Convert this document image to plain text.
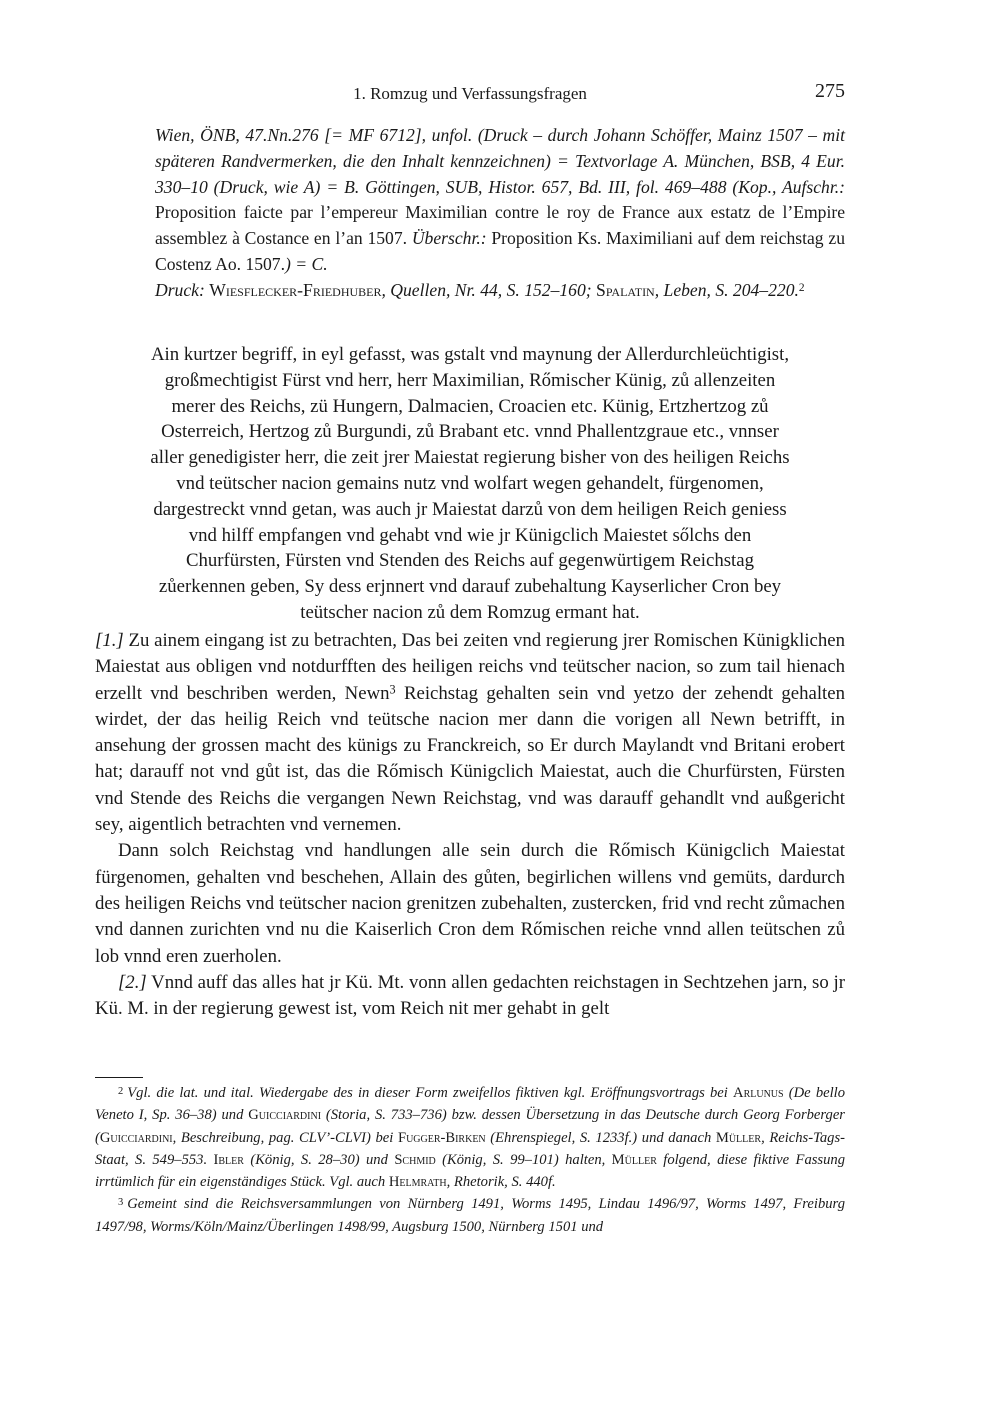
1. Romzug und Verfassungsfragen	275
Wien, ÖNB, 47.Nn.276 [= MF 6712], unfol. (Druck – durch Johann Schöffer, Mainz 1507 – mit späteren Randvermerken, die den Inhalt kennzeichnen) = Textvorlage A. München, BSB, 4 Eur. 330–10 (Druck, wie A) = B. Göttingen, SUB, Histor. 657, Bd. III, fol. 469–488 (Kop., Aufschr.: Proposition faicte par l’empereur Maximilian contre le roy de France aux estatz de l’Empire assemblez à Costance en l’an 1507. Überschr.: Proposition Ks. Maximiliani auf dem reichstag zu Costenz Ao. 1507.) = C.
Druck: Wiesflecker-Friedhuber, Quellen, Nr. 44, S. 152–160; Spalatin, Leben, S. 204–220.$^2$
Ain kurtzer begriff, in eyl gefasst, was gstalt vnd maynung der Allerdurchleüchtigist,
großmechtigist Fürst vnd herr, herr Maximilian, Rőmischer Künig, zů allenzeiten
merer des Reichs, zü Hungern, Dalmacien, Croacien etc. Künig, Ertzhertzog zů
Osterreich, Hertzog zů Burgundi, zů Brabant etc. vnnd Phallentzgraue etc., vnnser
aller genedigister herr, die zeit jrer Maiestat regierung bisher von des heiligen Reichs
vnd teütscher nacion gemains nutz vnd wolfart wegen gehandelt, fürgenomen,
dargestreckt vnnd getan, was auch jr Maiestat darzů von dem heiligen Reich geniess
vnd hilff empfangen vnd gehabt vnd wie jr Künigclich Maiestet sőlchs den
Churfürsten, Fürsten vnd Stenden des Reichs auf gegenwürtigem Reichstag
zůerkennen geben, Sy dess erjnnert vnd darauf zubehaltung Kayserlicher Cron bey
teütscher nacion zů dem Romzug ermant hat.

[1.] Zu ainem eingang ist zu betrachten, Das bei zeiten vnd regierung jrer Romischen Künigklichen Maiestat aus obligen vnd notdurfften des heiligen reichs vnd teütscher nacion, so zum tail hienach erzellt vnd beschriben werden, Newn$^3$ Reichstag gehalten sein vnd yetzo der zehendt gehalten wirdet, der das heilig Reich vnd teütsche nacion mer dann die vorigen all Newn betrifft, in ansehung der grossen macht des künigs zu Franckreich, so Er durch Maylandt vnd Britani erobert hat; darauff not vnd gůt ist, das die Rőmisch Künigclich Maiestat, auch die Churfürsten, Fürsten vnd Stende des Reichs die vergangen Newn Reichstag, vnd was darauff gehandlt vnd außgericht sey, aigentlich betrachten vnd vernemen.

Dann solch Reichstag vnd handlungen alle sein durch die Rőmisch Künigclich Maiestat fürgenomen, gehalten vnd beschehen, Allain des gůten, begirlichen willens vnd gemüts, dardurch des heiligen Reichs vnd teütscher nacion grenitzen zubehalten, zustercken, frid vnd recht zůmachen vnd dannen zurichten vnd nu die Kaiserlich Cron dem Rőmischen reiche vnnd allen teütschen zů lob vnnd eren zuerholen.

[2.] Vnnd auff das alles hat jr Kü. Mt. vonn allen gedachten reichstagen in Sechtzehen jarn, so jr Kü. M. in der regierung gewest ist, vom Reich nit mer gehabt in gelt

$^2$ Vgl. die lat. und ital. Wiedergabe des in dieser Form zweifellos fiktiven kgl. Eröffnungsvortrags bei Arlunus (De bello Veneto I, Sp. 36–38) und Guicciardini (Storia, S. 733–736) bzw. dessen Übersetzung in das Deutsche durch Georg Forberger (Guicciardini, Beschreibung, pag. CLV’-CLVI) bei Fugger-Birken (Ehrenspiegel, S. 1233f.) und danach Müller, Reichs-Tags-Staat, S. 549–553. Ibler (König, S. 28–30) und Schmid (König, S. 99–101) halten, Müller folgend, diese fiktive Fassung irrtümlich für ein eigenständiges Stück. Vgl. auch Helmrath, Rhetorik, S. 440f.

$^3$ Gemeint sind die Reichsversammlungen von Nürnberg 1491, Worms 1495, Lindau 1496/97, Worms 1497, Freiburg 1497/98, Worms/Köln/Mainz/Überlingen 1498/99, Augsburg 1500, Nürnberg 1501 und
